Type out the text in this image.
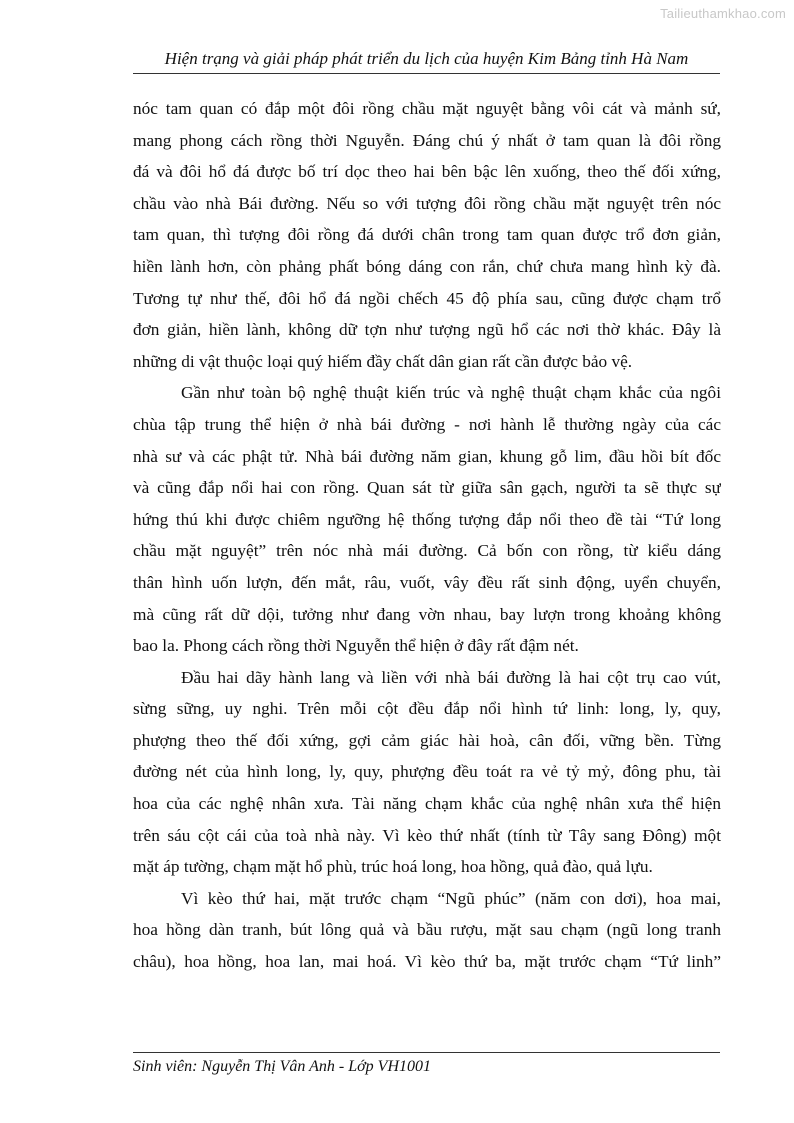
Tailieuthamkhao.com
Hiện trạng và giải pháp phát triển du lịch của huyện Kim Bảng tỉnh Hà Nam
nóc tam quan có đắp một đôi rồng chầu mặt nguyệt bằng vôi cát và mảnh sứ,
mang phong cách rồng thời Nguyễn. Đáng chú ý nhất ở tam quan là đôi rồng
đá và đôi hổ đá được bố trí dọc theo hai bên bậc lên xuống, theo thế đối xứng,
chầu vào nhà Bái đường. Nếu so với tượng đôi rồng chầu mặt nguyệt trên nóc
tam quan, thì tượng đôi rồng đá dưới chân trong tam quan được trổ đơn giản,
hiền lành hơn, còn phảng phất bóng dáng con rắn, chứ chưa mang hình kỳ đà.
Tương tự như thế, đôi hổ đá ngồi chếch 45 độ phía sau, cũng được chạm trổ
đơn giản, hiền lành, không dữ tợn như tượng ngũ hổ các nơi thờ khác. Đây là
những di vật thuộc loại quý hiếm đầy chất dân gian rất cần được bảo vệ.
Gần như toàn bộ nghệ thuật kiến trúc và nghệ thuật chạm khắc của ngôi
chùa tập trung thể hiện ở nhà bái đường - nơi hành lễ thường ngày của các
nhà sư và các phật tử. Nhà bái đường năm gian, khung gỗ lim, đầu hồi bít đốc
và cũng đắp nổi hai con rồng. Quan sát từ giữa sân gạch, người ta sẽ thực sự
hứng thú khi được chiêm ngưỡng hệ thống tượng đắp nổi theo đề tài “Tứ long
chầu mặt nguyệt” trên nóc nhà mái đường. Cả bốn con rồng, từ kiểu dáng
thân hình uốn lượn, đến mắt, râu, vuốt, vây đều rất sinh động, uyển chuyển,
mà cũng rất dữ dội, tưởng như đang vờn nhau, bay lượn trong khoảng không
bao la. Phong cách rồng thời Nguyễn thể hiện ở đây rất đậm nét.
Đầu hai dãy hành lang và liền với nhà bái đường là hai cột trụ cao vút,
sừng sững, uy nghi. Trên mỗi cột đều đắp nổi hình tứ linh: long, ly, quy,
phượng theo thế đối xứng, gợi cảm giác hài hoà, cân đối, vững bền. Từng
đường nét của hình long, ly, quy, phượng đều toát ra vẻ tỷ mỷ, đông phu, tài
hoa của các nghệ nhân xưa. Tài năng chạm khắc của nghệ nhân xưa thể hiện
trên sáu cột cái của toà nhà này. Vì kèo thứ nhất (tính từ Tây sang Đông) một
mặt áp tường, chạm mặt hổ phù, trúc hoá long, hoa hồng, quả đào, quả lựu.
Vì kèo thứ hai, mặt trước chạm “Ngũ phúc” (năm con dơi), hoa mai,
hoa hồng dàn tranh, bút lông quả và bầu rượu, mặt sau chạm (ngũ long tranh
châu), hoa hồng, hoa lan, mai hoá. Vì kèo thứ ba, mặt trước chạm “Tứ linh”
Sinh viên: Nguyễn Thị Vân Anh - Lớp VH1001
